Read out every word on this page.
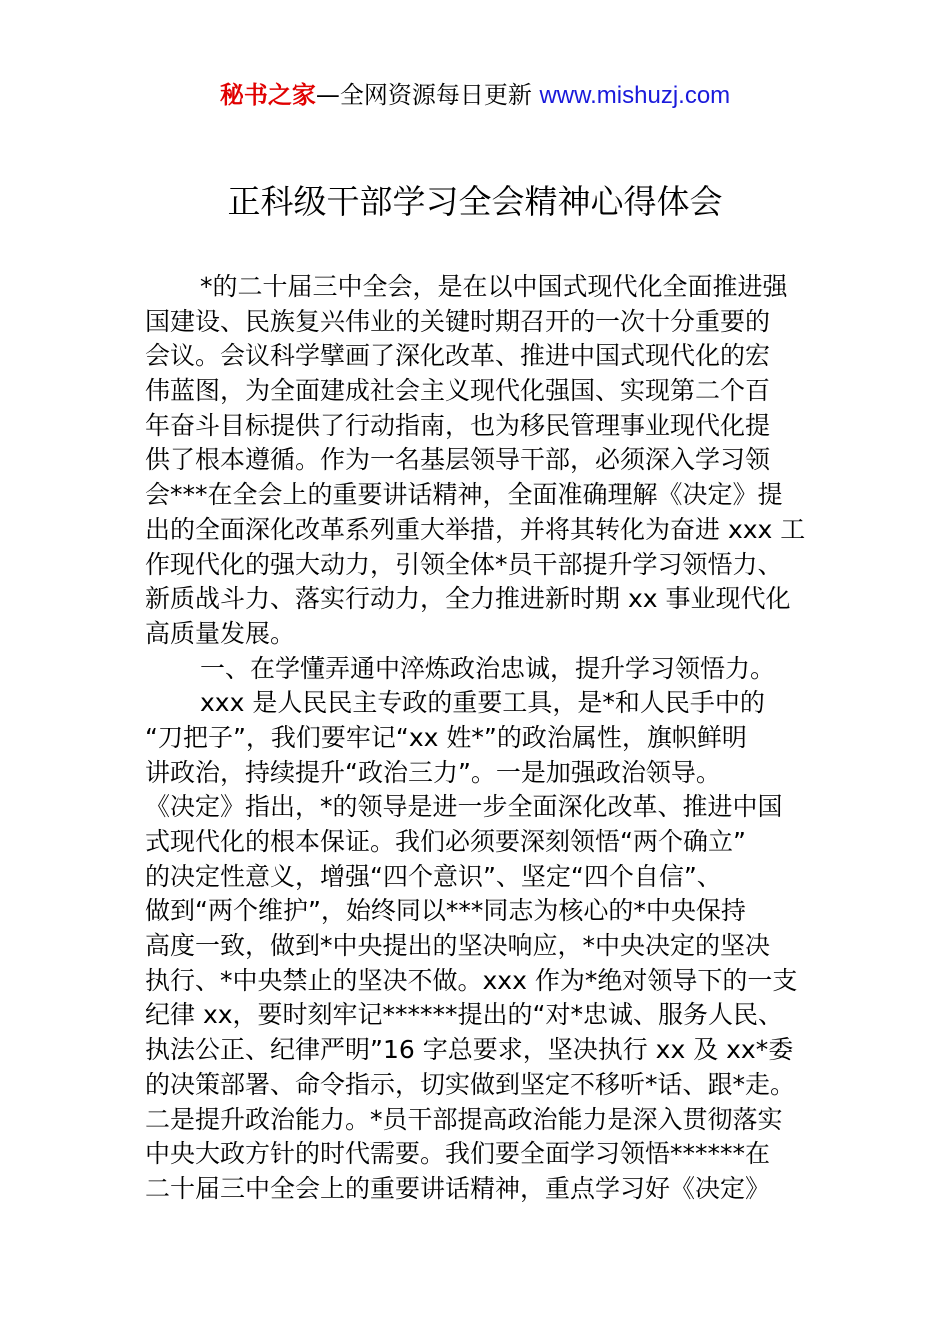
秘书之家—全网资源每日更新 www.mishuzj.com
正科级干部学习全会精神心得体会
*的二十届三中全会，是在以中国式现代化全面推进强
国建设、民族复兴伟业的关键时期召开的一次十分重要的
会议。会议科学擘画了深化改革、推进中国式现代化的宏
伟蓝图，为全面建成社会主义现代化强国、实现第二个百
年奋斗目标提供了行动指南，也为移民管理事业现代化提
供了根本遵循。作为一名基层领导干部，必须深入学习领
会***在全会上的重要讲话精神，全面准确理解《决定》提
出的全面深化改革系列重大举措，并将其转化为奋进 xxx 工
作现代化的强大动力，引领全体*员干部提升学习领悟力、
新质战斗力、落实行动力，全力推进新时期 xx 事业现代化
高质量发展。
一、在学懂弄通中淬炼政治忠诚，提升学习领悟力。
xxx 是人民民主专政的重要工具，是*和人民手中的
“刀把子”，我们要牢记“xx 姓*”的政治属性，旗帜鲜明
讲政治，持续提升“政治三力”。一是加强政治领导。
《决定》指出，*的领导是进一步全面深化改革、推进中国
式现代化的根本保证。我们必须要深刻领悟“两个确立”
的决定性意义，增强“四个意识”、坚定“四个自信”、
做到“两个维护”，始终同以***同志为核心的*中央保持
高度一致，做到*中央提出的坚决响应，*中央决定的坚决
执行、*中央禁止的坚决不做。xxx 作为*绝对领导下的一支
纪律 xx，要时刻牢记******提出的“对*忠诚、服务人民、
执法公正、纪律严明”16 字总要求，坚决执行 xx 及 xx*委
的决策部署、命令指示，切实做到坚定不移听*话、跟*走。
二是提升政治能力。*员干部提高政治能力是深入贯彻落实
中央大政方针的时代需要。我们要全面学习领悟******在
二十届三中全会上的重要讲话精神，重点学习好《决定》
